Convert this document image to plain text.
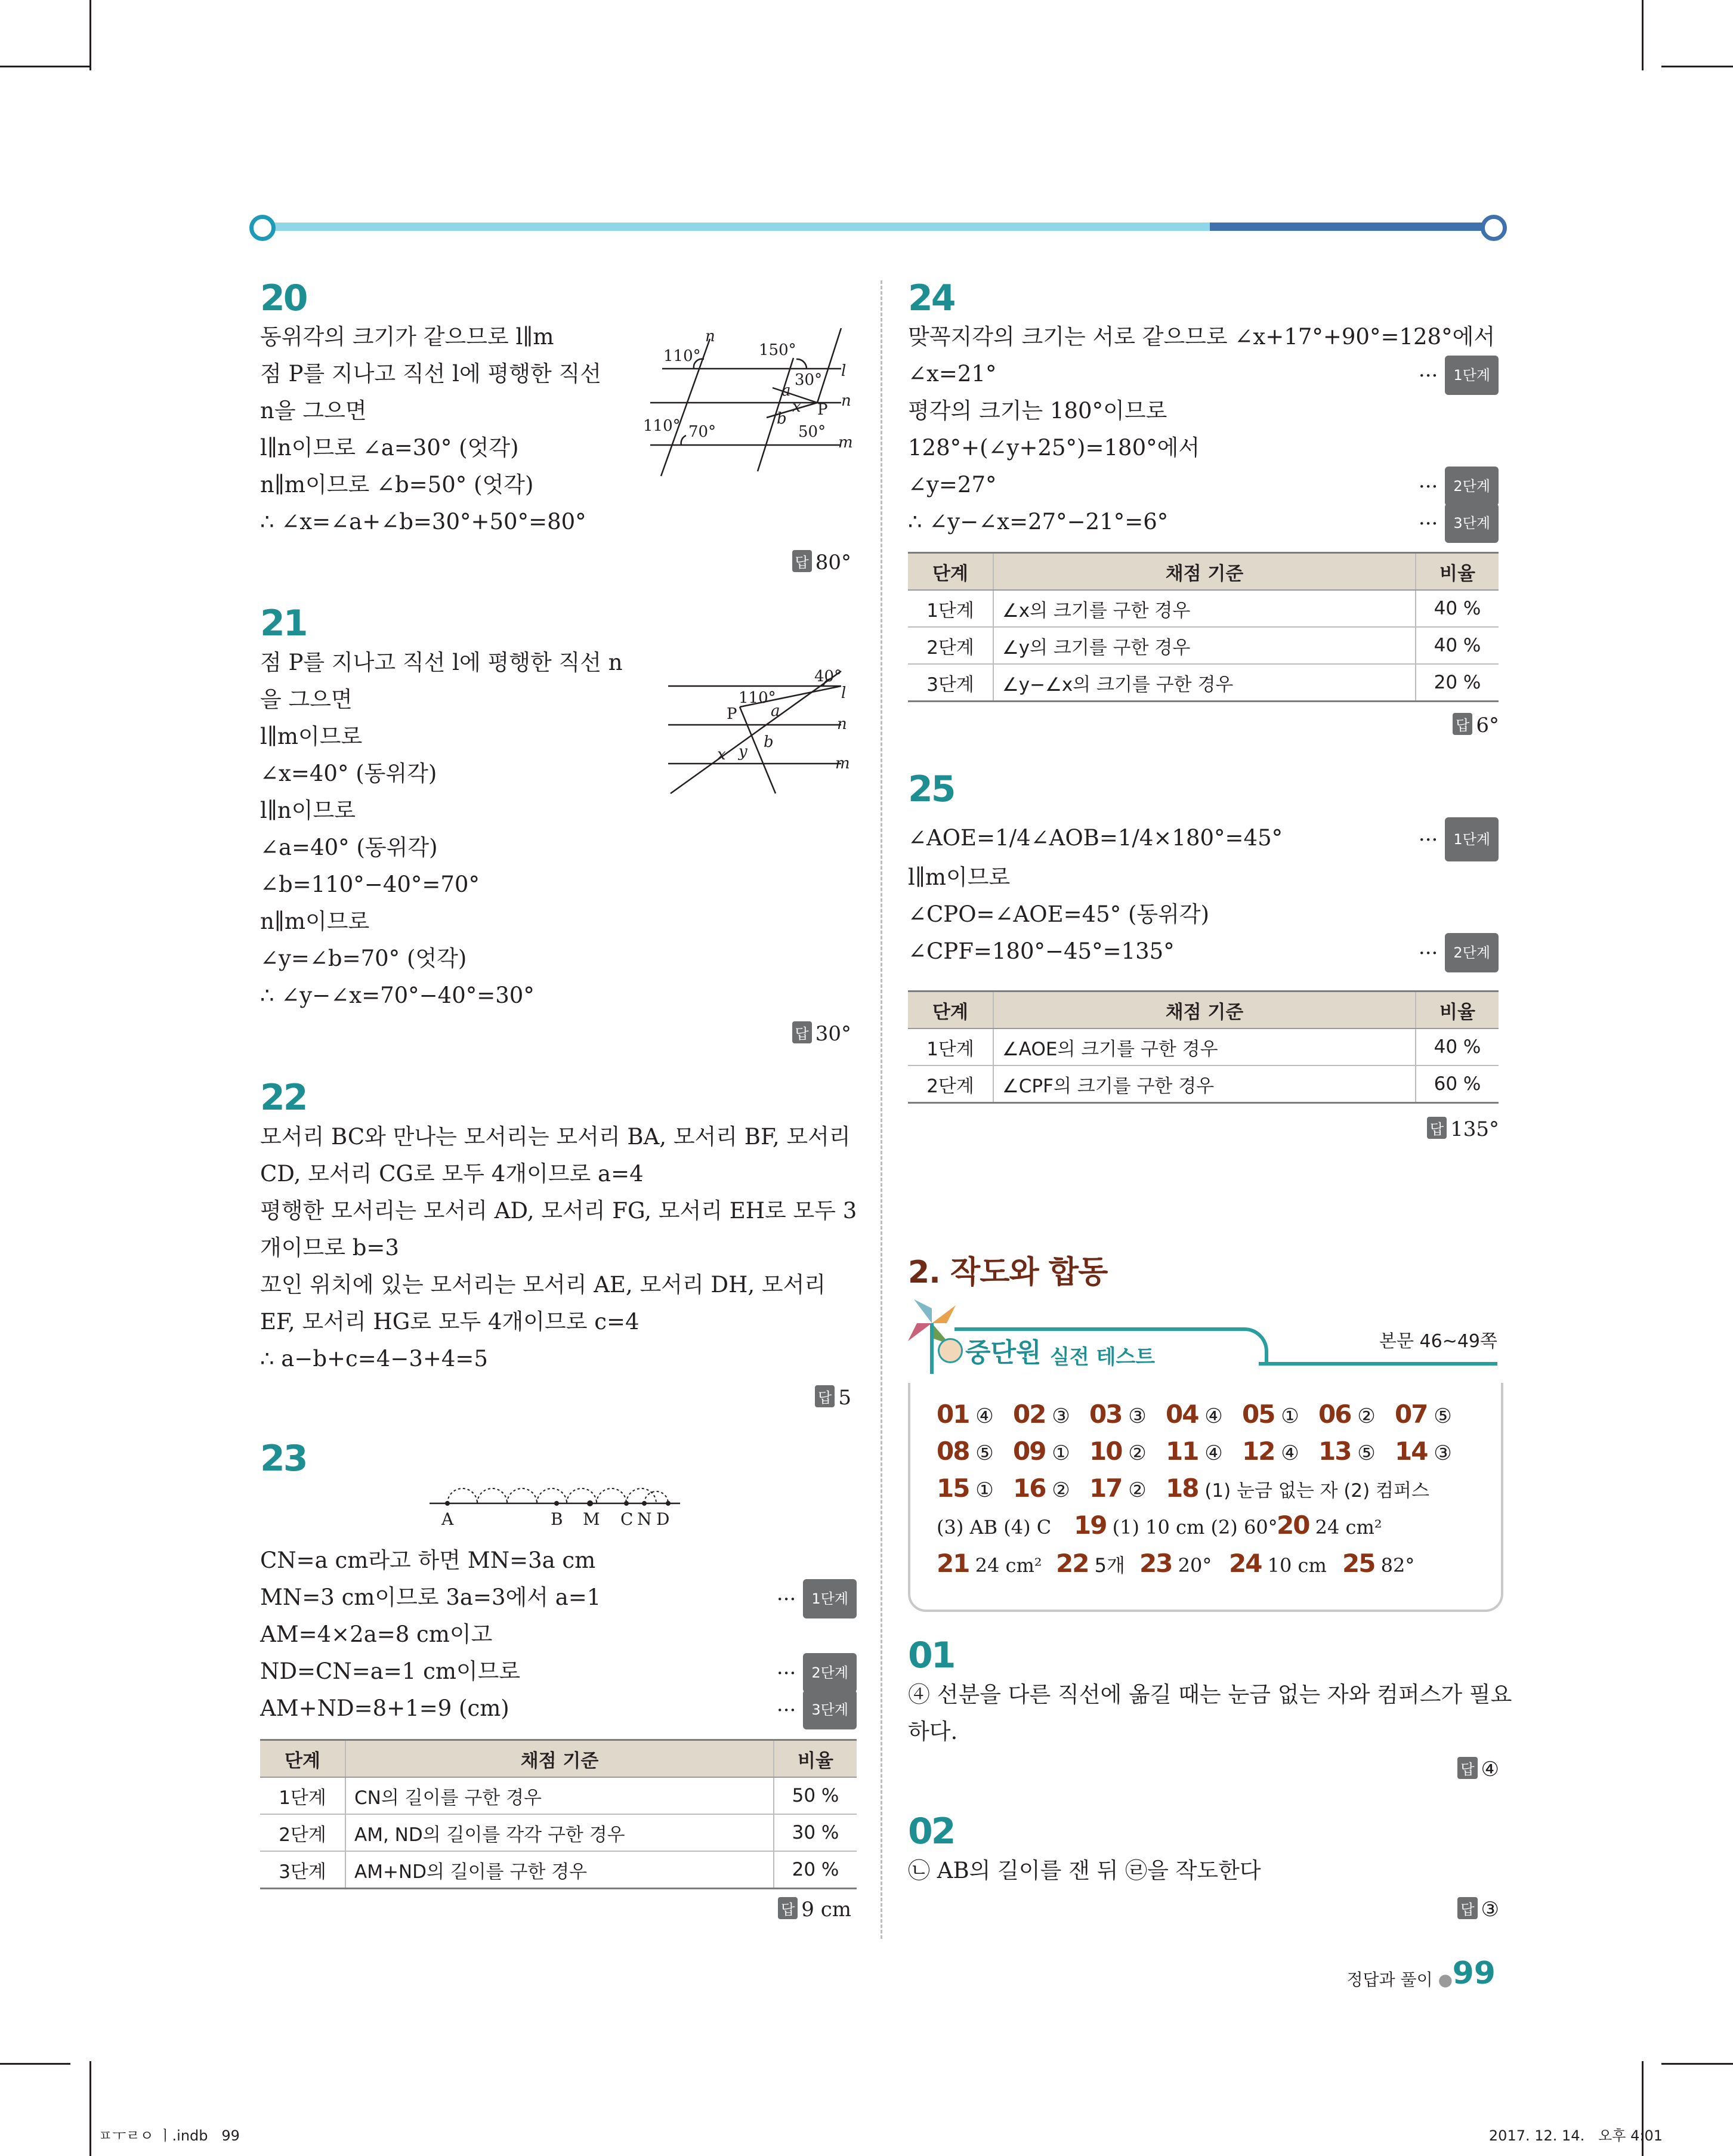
20
동위각의 크기가 같으므로 l∥m
점 P를 지나고 직선 l에 평행한 직선
n을 그으면
l∥n이므로 ∠a=30° (엇각)
n∥m이므로 ∠b=50° (엇각)
∴ ∠x=∠a+∠b=30°+50°=80°
n
110°	150°
30° l
a
x	n
P
b
110° 70°	50°
m
답 80°
21
점 P를 지나고 직선 l에 평행한 직선 n
을 그으면
l∥m이므로
∠x=40° (동위각)
l∥n이므로
∠a=40° (동위각)
∠b=110°−40°=70°
n∥m이므로
∠y=∠b=70° (엇각)
∴ ∠y−∠x=70°−40°=30°
40°
l
110°
P a
n
b
x y
m
답 30°
22
모서리 BC와 만나는 모서리는 모서리 BA, 모서리 BF, 모서리
CD, 모서리 CG로 모두 4개이므로 a=4
평행한 모서리는 모서리 AD, 모서리 FG, 모서리 EH로 모두 3
개이므로 b=3
꼬인 위치에 있는 모서리는 모서리 AE, 모서리 DH, 모서리
EF, 모서리 HG로 모두 4개이므로 c=4
∴ a−b+c=4−3+4=5
답 5
23
A	B M C N D
CN=a cm라고 하면 MN=3a cm
MN=3 cm이므로 3a=3에서 a=1	··· 1단계
AM=4×2a=8 cm이고
ND=CN=a=1 cm이므로	··· 2단계
AM+ND=8+1=9 (cm)	··· 3단계
단계	채점 기준	비율
1단계	CN의 길이를 구한 경우	50 %
2단계	AM, ND의 길이를 각각 구한 경우	30 %
3단계	AM+ND의 길이를 구한 경우	20 %
답 9 cm
24
맞꼭지각의 크기는 서로 같으므로 ∠x+17°+90°=128°에서
∠x=21°	··· 1단계
평각의 크기는 180°이므로
128°+(∠y+25°)=180°에서
∠y=27°	··· 2단계
∴ ∠y−∠x=27°−21°=6°	··· 3단계
단계	채점 기준	비율
1단계	∠x의 크기를 구한 경우	40 %
2단계	∠y의 크기를 구한 경우	40 %
3단계	∠y−∠x의 크기를 구한 경우	20 %
답 6°
25
∠AOE=1/4∠AOB=1/4×180°=45°	··· 1단계
l∥m이므로
∠CPO=∠AOE=45° (동위각)
∠CPF=180°−45°=135°	··· 2단계
단계	채점 기준	비율
1단계	∠AOE의 크기를 구한 경우	40 %
2단계	∠CPF의 크기를 구한 경우	60 %
답 135°
2. 작도와 합동
중단원 실전 테스트
본문 46~49쪽
01 ④ 02 ③ 03 ③ 04 ④ 05 ① 06 ② 07 ⑤
08 ⑤ 09 ① 10 ② 11 ④ 12 ④ 13 ⑤ 14 ③
15 ① 16 ② 17 ② 18 (1) 눈금 없는 자 (2) 컴퍼스
(3) AB (4) C 19 (1) 10 cm (2) 60°20 24 cm²
21 24 cm² 22 5개 23 20° 24 10 cm 25 82°
01
④ 선분을 다른 직선에 옮길 때는 눈금 없는 자와 컴퍼스가 필요
하다.
답 ④
02
㉡ AB의 길이를 잰 뒤 ㉣을 작도한다
답 ③
정답과 풀이 ● 99
ㅍㅜㄹㅇ ㅣ.indb   99	2017. 12. 14.   오후 4:01
